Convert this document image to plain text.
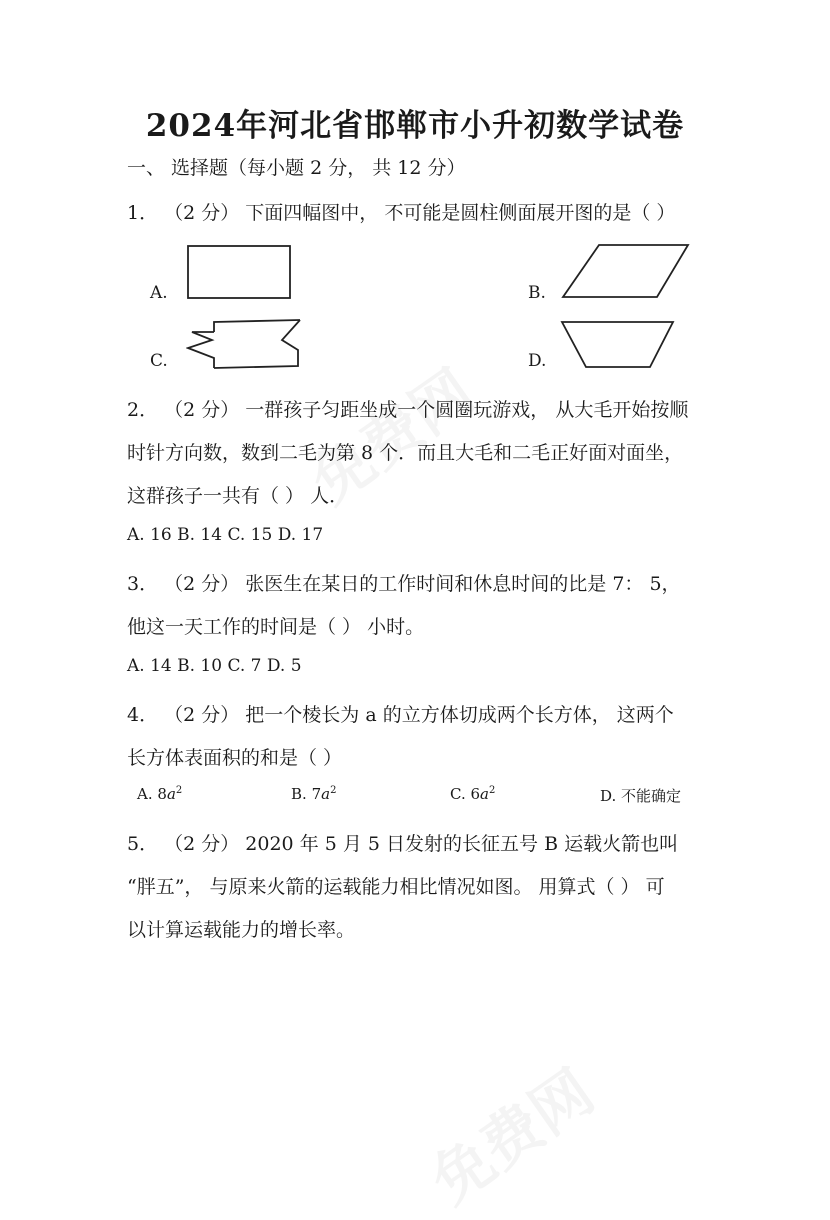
2024年河北省邯郸市小升初数学试卷
一、 选择题（每小题 2 分， 共 12 分）
1． （2 分） 下面四幅图中， 不可能是圆柱侧面展开图的是（ ）
A.	B.
C.	D.
2． （2 分） 一群孩子匀距坐成一个圆圈玩游戏， 从大毛开始按顺
时针方向数，数到二毛为第 8 个．而且大毛和二毛正好面对面坐，
这群孩子一共有（ ） 人．
A. 16 B. 14 C. 15 D. 17
3． （2 分） 张医生在某日的工作时间和休息时间的比是 7： 5，
他这一天工作的时间是（ ） 小时。
A. 14 B. 10 C. 7 D. 5
4． （2 分） 把一个棱长为 a 的立方体切成两个长方体， 这两个
长方体表面积的和是（ ）
A. $8a^2$	B. $7a^2$	C. $6a^2$	D. 不能确定
5． （2 分） 2020 年 5 月 5 日发射的长征五号 B 运载火箭也叫
“胖五”， 与原来火箭的运载能力相比情况如图。 用算式（ ） 可
以计算运载能力的增长率。
